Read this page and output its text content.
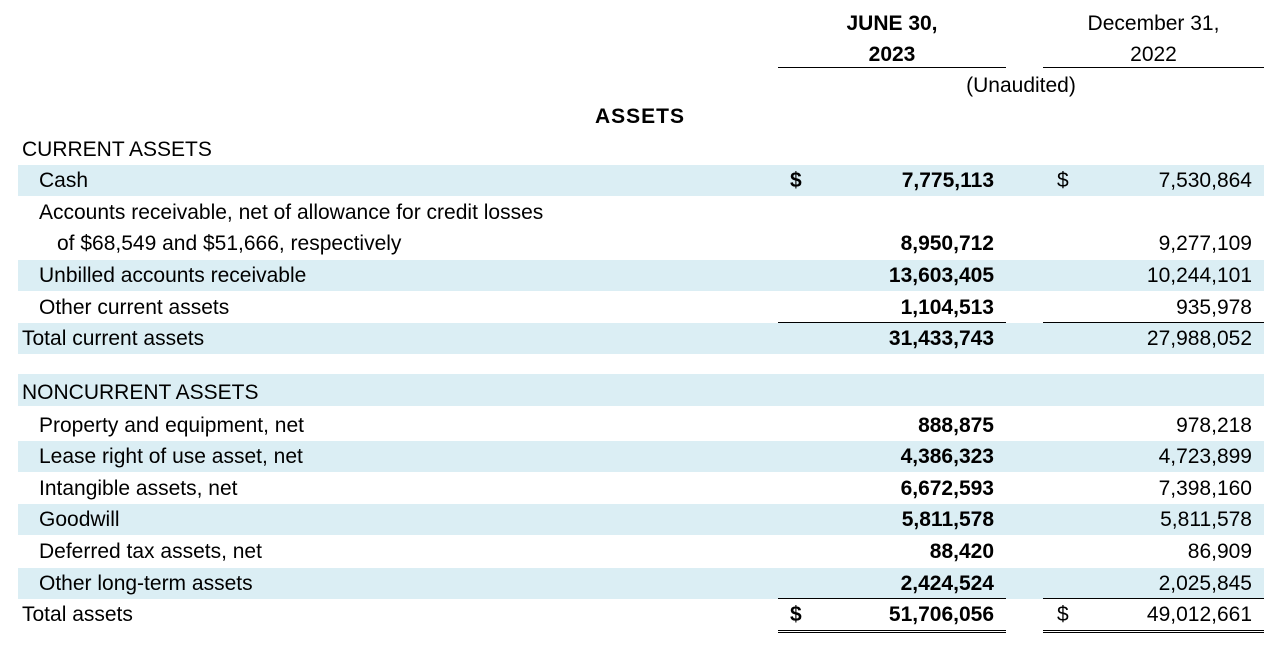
JUNE 30,
2023
December 31,
2022
(Unaudited)
ASSETS
CURRENT ASSETS
Cash	$	7,775,113	$	7,530,864
Accounts receivable, net of allowance for credit losses
of $68,549 and $51,666, respectively	8,950,712	9,277,109
Unbilled accounts receivable	13,603,405	10,244,101
Other current assets	1,104,513	935,978
Total current assets	31,433,743	27,988,052
NONCURRENT ASSETS
Property and equipment, net	888,875	978,218
Lease right of use asset, net	4,386,323	4,723,899
Intangible assets, net	6,672,593	7,398,160
Goodwill	5,811,578	5,811,578
Deferred tax assets, net	88,420	86,909
Other long-term assets	2,424,524	2,025,845
Total assets	$	51,706,056	$	49,012,661
